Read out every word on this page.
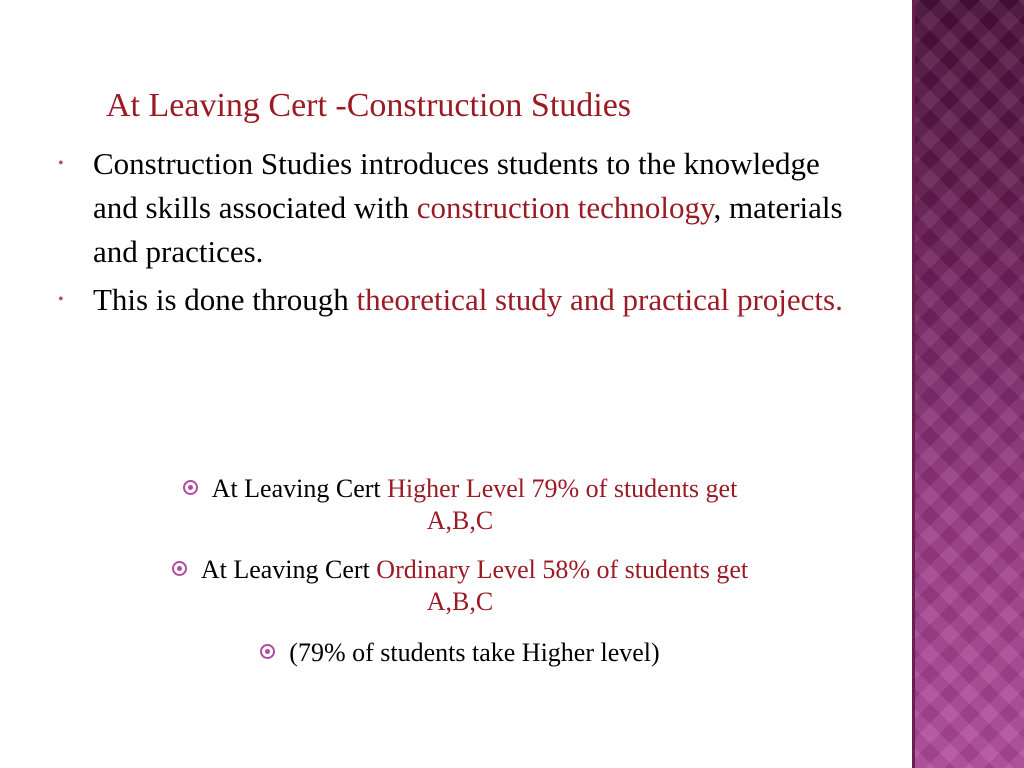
At Leaving Cert -Construction Studies
• Construction Studies introduces students to the knowledge and skills associated with construction technology, materials and practices.
• This is done through theoretical study and practical projects.
At Leaving Cert Higher Level 79% of students get
A,B,C
At Leaving Cert Ordinary Level 58% of students get
A,B,C
(79% of students take Higher level)
